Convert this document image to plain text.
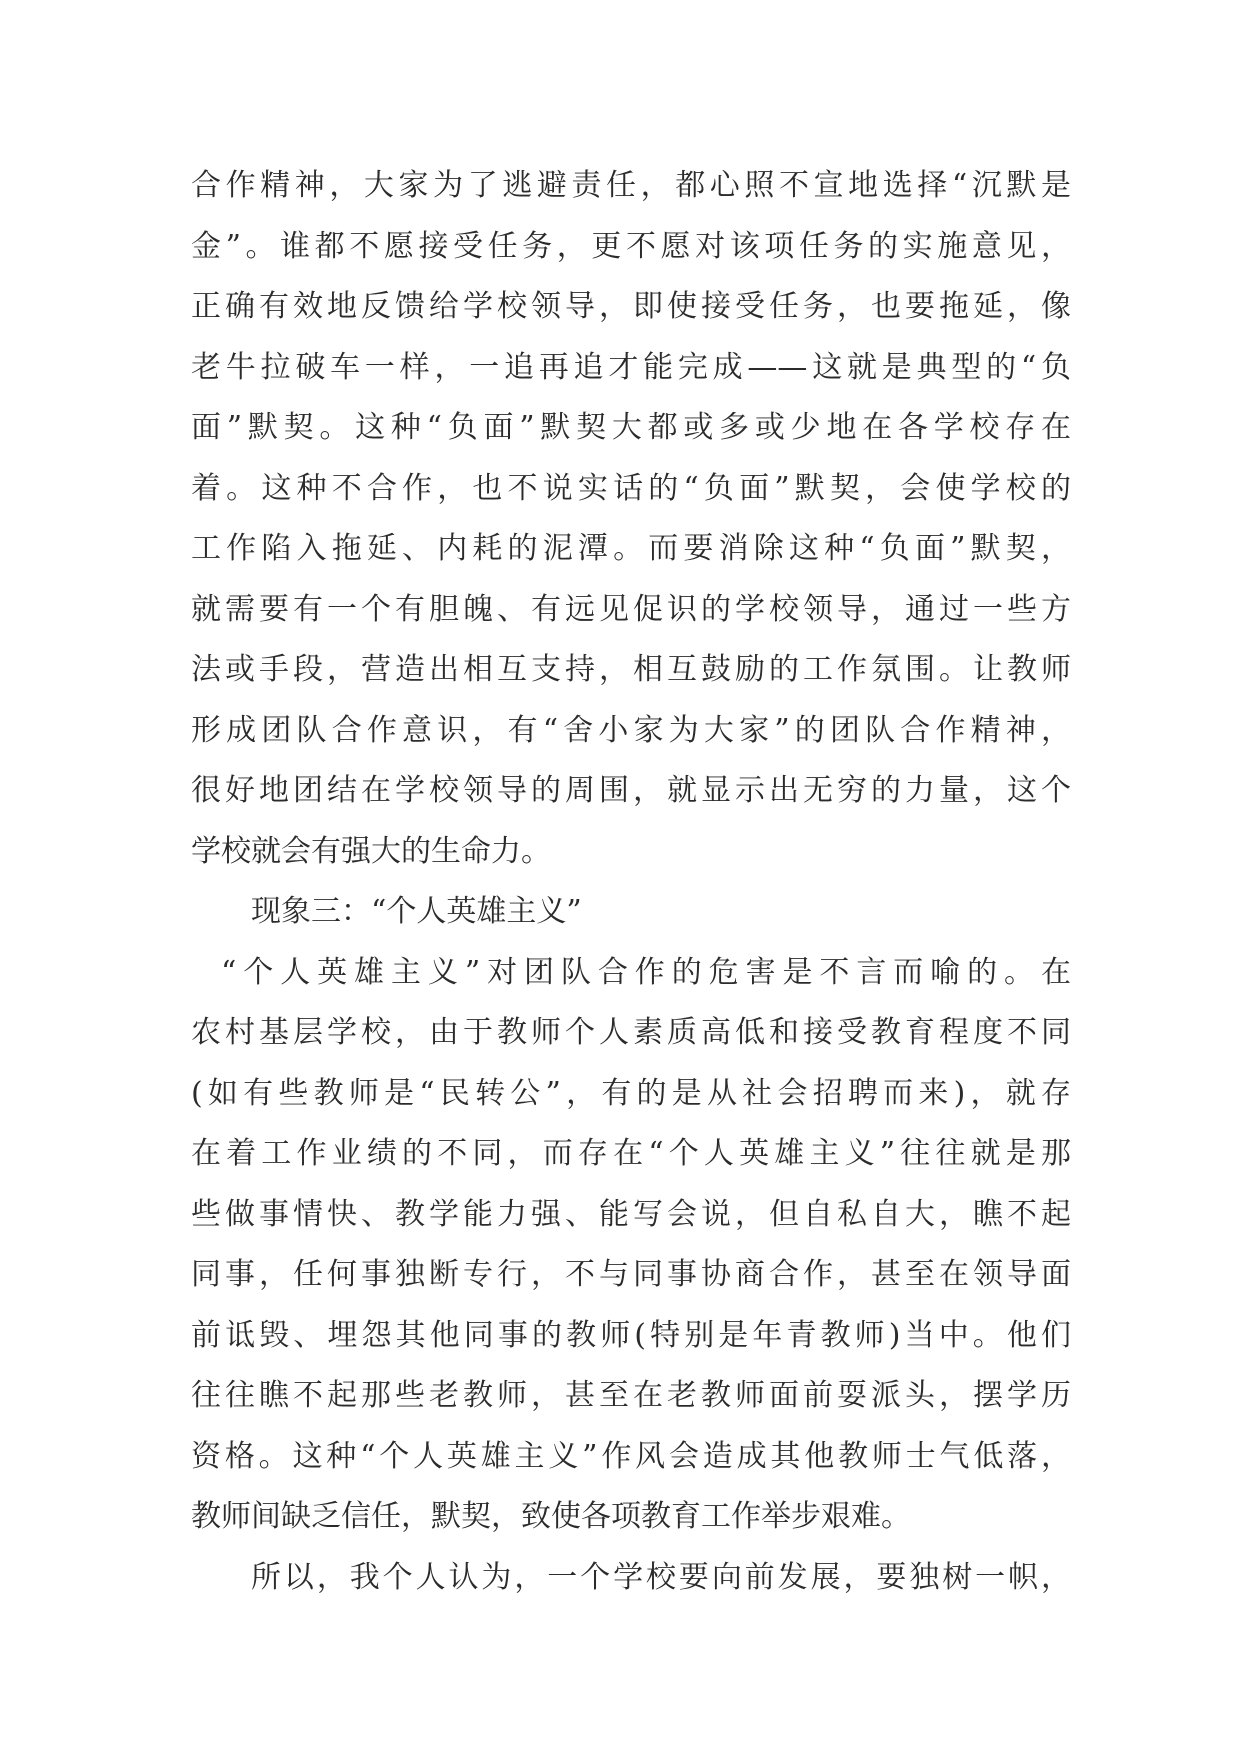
合作精神，大家为了逃避责任，都心照不宣地选择“沉默是
金”。谁都不愿接受任务，更不愿对该项任务的实施意见，
正确有效地反馈给学校领导，即使接受任务，也要拖延，像
老牛拉破车一样，一追再追才能完成——这就是典型的“负
面”默契。这种“负面”默契大都或多或少地在各学校存在
着。这种不合作，也不说实话的“负面”默契，会使学校的
工作陷入拖延、内耗的泥潭。而要消除这种“负面”默契，
就需要有一个有胆魄、有远见促识的学校领导，通过一些方
法或手段，营造出相互支持，相互鼓励的工作氛围。让教师
形成团队合作意识，有“舍小家为大家”的团队合作精神，
很好地团结在学校领导的周围，就显示出无穷的力量，这个
学校就会有强大的生命力。
现象三：“个人英雄主义”
“个人英雄主义”对团队合作的危害是不言而喻的。在
农村基层学校，由于教师个人素质高低和接受教育程度不同
(如有些教师是“民转公”，有的是从社会招聘而来)，就存
在着工作业绩的不同，而存在“个人英雄主义”往往就是那
些做事情快、教学能力强、能写会说，但自私自大，瞧不起
同事，任何事独断专行，不与同事协商合作，甚至在领导面
前诋毁、埋怨其他同事的教师(特别是年青教师)当中。他们
往往瞧不起那些老教师，甚至在老教师面前耍派头，摆学历
资格。这种“个人英雄主义”作风会造成其他教师士气低落，
教师间缺乏信任，默契，致使各项教育工作举步艰难。
所以，我个人认为，一个学校要向前发展，要独树一帜，
